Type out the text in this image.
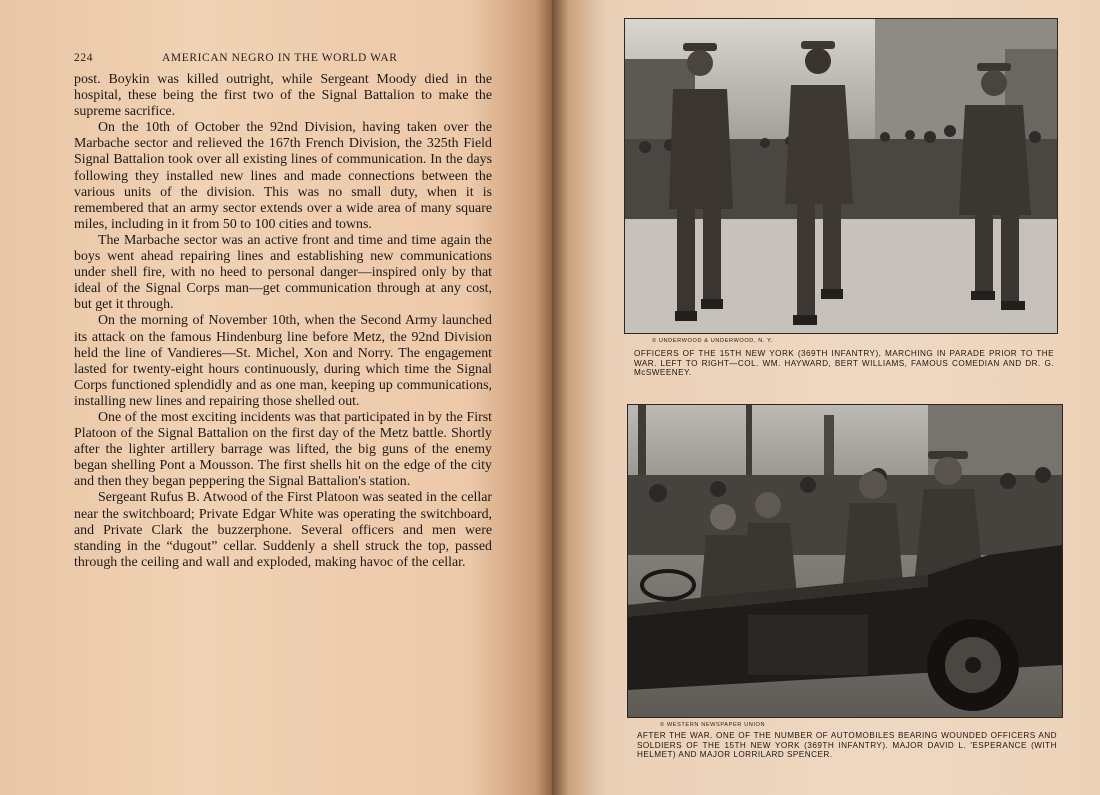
224	AMERICAN NEGRO IN THE WORLD WAR

post. Boykin was killed outright, while Sergeant Moody died in the hospital, these being the first two of the Signal Battalion to make the supreme sacrifice.

On the 10th of October the 92nd Division, having taken over the Marbache sector and relieved the 167th French Division, the 325th Field Signal Battalion took over all existing lines of communication. In the days following they installed new lines and made connections between the various units of the division. This was no small duty, when it is remembered that an army sector extends over a wide area of many square miles, including in it from 50 to 100 cities and towns.

The Marbache sector was an active front and time and time again the boys went ahead repairing lines and establishing new communications under shell fire, with no heed to personal danger—inspired only by that ideal of the Signal Corps man—get communication through at any cost, but get it through.

On the morning of November 10th, when the Second Army launched its attack on the famous Hindenburg line before Metz, the 92nd Division held the line of Vandieres—St. Michel, Xon and Norry. The engagement lasted for twenty-eight hours continuously, during which time the Signal Corps functioned splendidly and as one man, keeping up communications, installing new lines and repairing those shelled out.

One of the most exciting incidents was that participated in by the First Platoon of the Signal Battalion on the first day of the Metz battle. Shortly after the lighter artillery barrage was lifted, the big guns of the enemy began shelling Pont a Mousson. The first shells hit on the edge of the city and then they began peppering the Signal Battalion's station.

Sergeant Rufus B. Atwood of the First Platoon was seated in the cellar near the switchboard; Private Edgar White was operating the switchboard, and Private Clark the buzzerphone. Several officers and men were standing in the “dugout” cellar. Suddenly a shell struck the top, passed through the ceiling and wall and exploded, making havoc of the cellar.

© UNDERWOOD & UNDERWOOD, N. Y.
OFFICERS OF THE 15TH NEW YORK (369TH INFANTRY), MARCHING IN PARADE PRIOR TO THE WAR. LEFT TO RIGHT—COL. WM. HAYWARD, BERT WILLIAMS, FAMOUS COMEDIAN AND DR. G. McSWEENEY.
© WESTERN NEWSPAPER UNION
AFTER THE WAR. ONE OF THE NUMBER OF AUTOMOBILES BEARING WOUNDED OFFICERS AND SOLDIERS OF THE 15TH NEW YORK (369TH INFANTRY). MAJOR DAVID L. 'ESPERANCE (WITH HELMET) AND MAJOR LORRILARD SPENCER.
